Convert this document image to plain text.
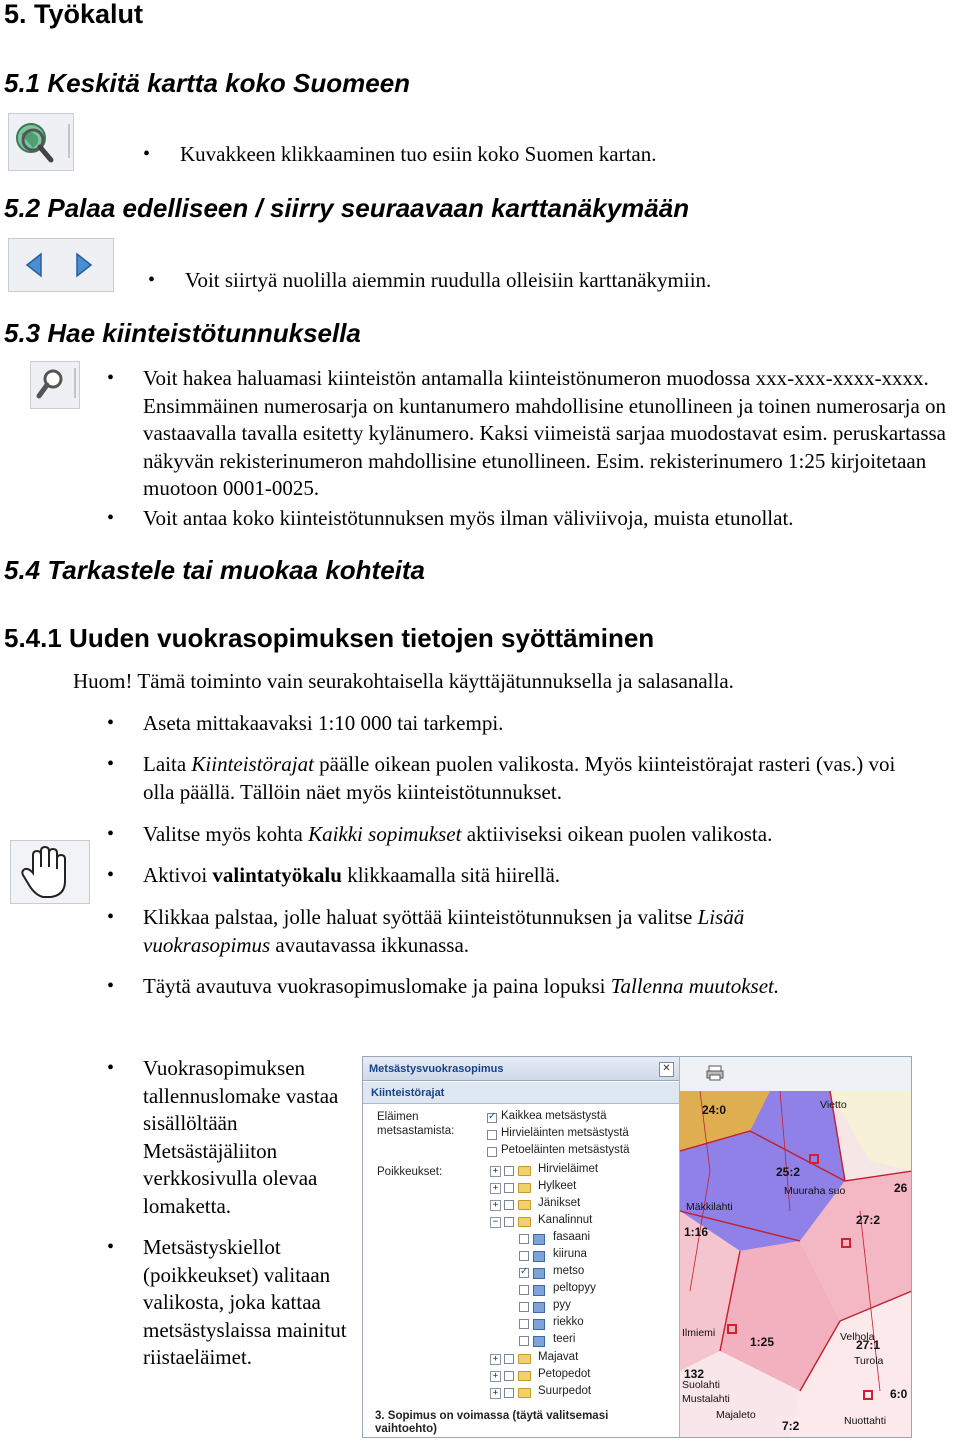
5. Työkalut
5.1 Keskitä kartta koko Suomeen
• Kuvakkeen klikkaaminen tuo esiin koko Suomen kartan.
5.2 Palaa edelliseen / siirry seuraavaan karttanäkymään
• Voit siirtyä nuolilla aiemmin ruudulla olleisiin karttanäkymiin.
5.3 Hae kiinteistötunnuksella
• Voit hakea haluamasi kiinteistön antamalla kiinteistönumeron muodossa xxx-xxx-xxxx-xxxx. Ensimmäinen numerosarja on kuntanumero mahdollisine etunollineen ja toinen numerosarja on vastaavalla tavalla esitetty kylänumero. Kaksi viimeistä sarjaa muodostavat esim. peruskartassa näkyvän rekisterinumeron mahdollisine etunollineen. Esim. rekisterinumero 1:25 kirjoitetaan muotoon 0001-0025.
• Voit antaa koko kiinteistötunnuksen myös ilman väliviivoja, muista etunollat.
5.4 Tarkastele tai muokaa kohteita
5.4.1 Uuden vuokrasopimuksen tietojen syöttäminen
Huom! Tämä toiminto vain seurakohtaisella käyttäjätunnuksella ja salasanalla.
• Aseta mittakaavaksi 1:10 000 tai tarkempi.
• Laita Kiinteistörajat päälle oikean puolen valikosta. Myös kiinteistörajat rasteri (vas.) voi olla päällä. Tällöin näet myös kiinteistötunnukset.
• Valitse myös kohta Kaikki sopimukset aktiiviseksi oikean puolen valikosta.
• Aktivoi valintatyökalu klikkaamalla sitä hiirellä.
• Klikkaa palstaa, jolle haluat syöttää kiinteistötunnuksen ja valitse Lisää vuokrasopimus avautavassa ikkunassa.
• Täytä avautuva vuokrasopimuslomake ja paina lopuksi Tallenna muutokset.
• Vuokrasopimuksen tallennuslomake vastaa sisällöltään Metsästäjäliiton verkkosivulla olevaa lomaketta.
• Metsästyskiellot (poikkeukset) valitaan valikosta, joka kattaa metsästyslaissa mainitut riistaeläimet.
Metsästysvuokrasopimus	✕
Kiinteistörajat
Eläimen
metsastamista:
✓
Kaikkea metsästystä
Hirvieläinten metsästystä
Petoeläinten metsästystä
Poikkeukset:	+	Hirvieläimet
+	Hylkeet
+	Jänikset
−	Kanalinnut
fasaani
kiiruna
✓
metso
peltopyy
pyy
riekko
teeri
+	Majavat
+	Petopedot
+	Suurpedot
3. Sopimus on voimassa (täytä valitsemasi vaihtoehto)
24:0
25:2
Muuraha suo
Vietto
26
27:2
1:16
1:25	Velhola
27:1
132
Turola
6:0
Majaleto
7:2	Nuottahti
Ilmiemi
Mustalahti
Suolahti
Mäkkilahti
